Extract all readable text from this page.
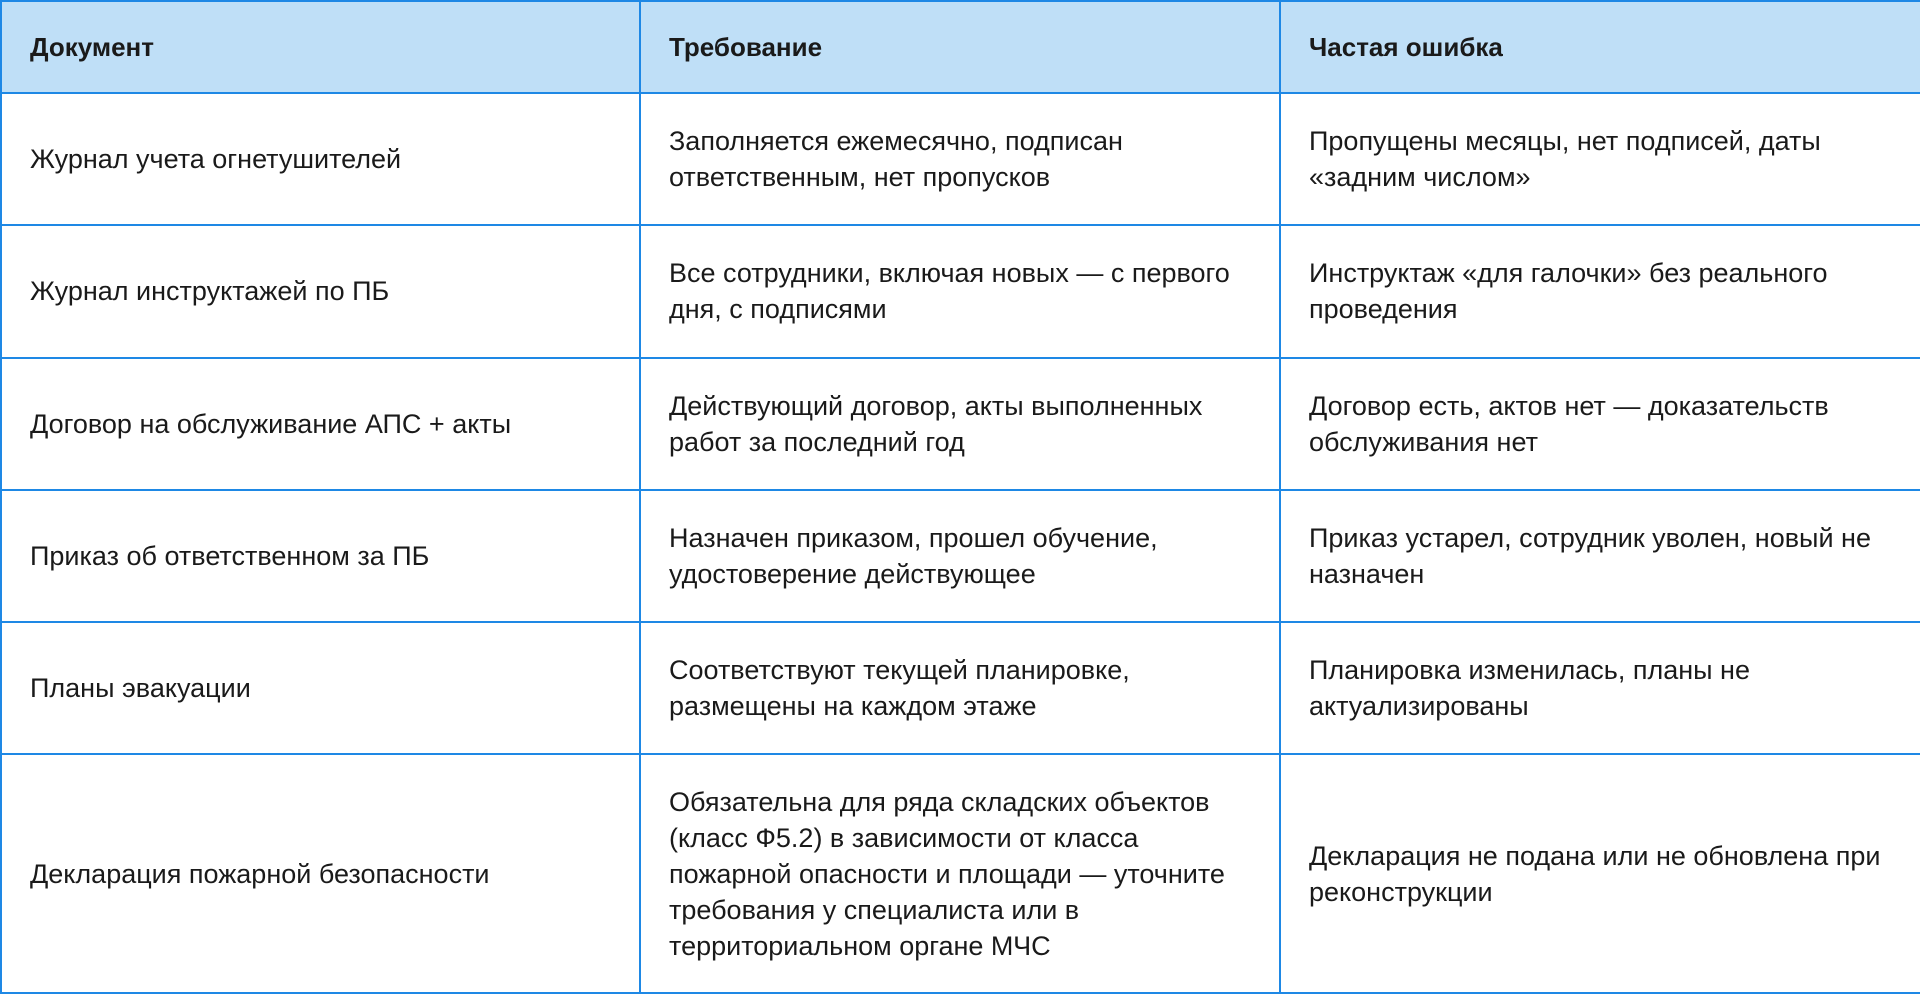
Документ	Требование	Частая ошибка
Журнал учета огнетушителей	Заполняется ежемесячно, подписан ответственным, нет пропусков	Пропущены месяцы, нет подписей, даты «задним числом»
Журнал инструктажей по ПБ	Все сотрудники, включая новых — с первого дня, с подписями	Инструктаж «для галочки» без реального проведения
Договор на обслуживание АПС + акты	Действующий договор, акты выполненных работ за последний год	Договор есть, актов нет — доказательств обслуживания нет
Приказ об ответственном за ПБ	Назначен приказом, прошел обучение, удостоверение действующее	Приказ устарел, сотрудник уволен, новый не назначен
Планы эвакуации	Соответствуют текущей планировке, размещены на каждом этаже	Планировка изменилась, планы не актуализированы
Декларация пожарной безопасности	Обязательна для ряда складских объектов (класс Ф5.2) в зависимости от класса пожарной опасности и площади — уточните требования у специалиста или в территориальном органе МЧС	Декларация не подана или не обновлена при реконструкции
